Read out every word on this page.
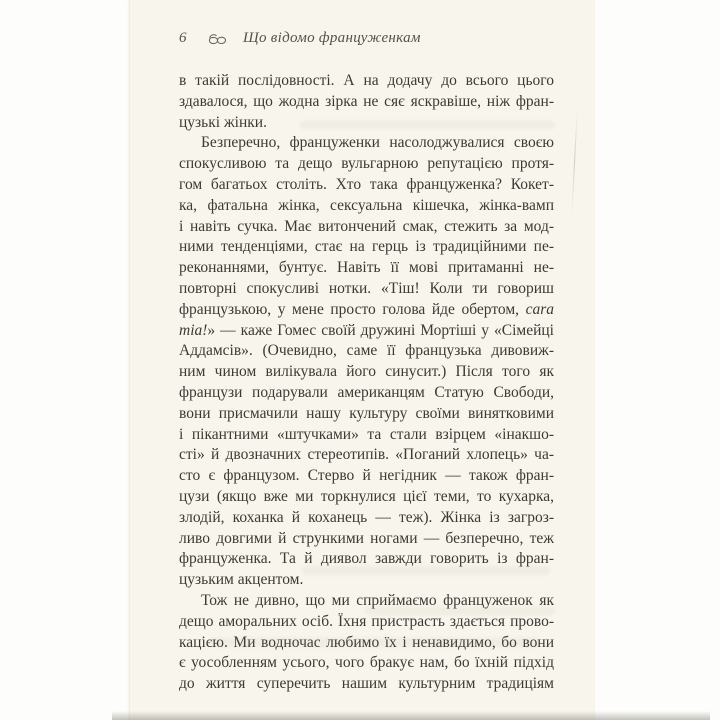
6	Що відомо француженкам
в такій послідовності. А на додачу до всього цього
здавалося, що жодна зірка не сяє яскравіше, ніж фран-
цузькі жінки.
Безперечно, француженки насолоджувалися своєю
спокусливою та дещо вульгарною репутацією протя-
гом багатьох століть. Хто така француженка? Кокет-
ка, фатальна жінка, сексуальна кішечка, жінка-вамп
і навіть сучка. Має витончений смак, стежить за мод-
ними тенденціями, стає на герць із традиційними пе-
реконаннями, бунтує. Навіть її мові притаманні не-
повторні спокусливі нотки. «Тіш! Коли ти говориш
французькою, у мене просто голова йде обертом, cara
mia!» — каже Гомес своїй дружині Мортіші у «Сімейці
Аддамсів». (Очевидно, саме її французька дивовиж-
ним чином вилікувала його синусит.) Після того як
французи подарували американцям Статую Свободи,
вони присмачили нашу культуру своїми винятковими
і пікантними «штучками» та стали взірцем «інакшо-
сті» й двозначних стереотипів. «Поганий хлопець» ча-
сто є французом. Стерво й негідник — також фран-
цузи (якщо вже ми торкнулися цієї теми, то кухарка,
злодій, коханка й коханець — теж). Жінка із загроз-
ливо довгими й стрункими ногами — безперечно, теж
француженка. Та й диявол завжди говорить із фран-
цузьким акцентом.
Тож не дивно, що ми сприймаємо француженок як
дещо аморальних осіб. Їхня пристрасть здається прово-
кацією. Ми водночас любимо їх і ненавидимо, бо вони
є уособленням усього, чого бракує нам, бо їхній підхід
до життя суперечить нашим культурним традиціям
